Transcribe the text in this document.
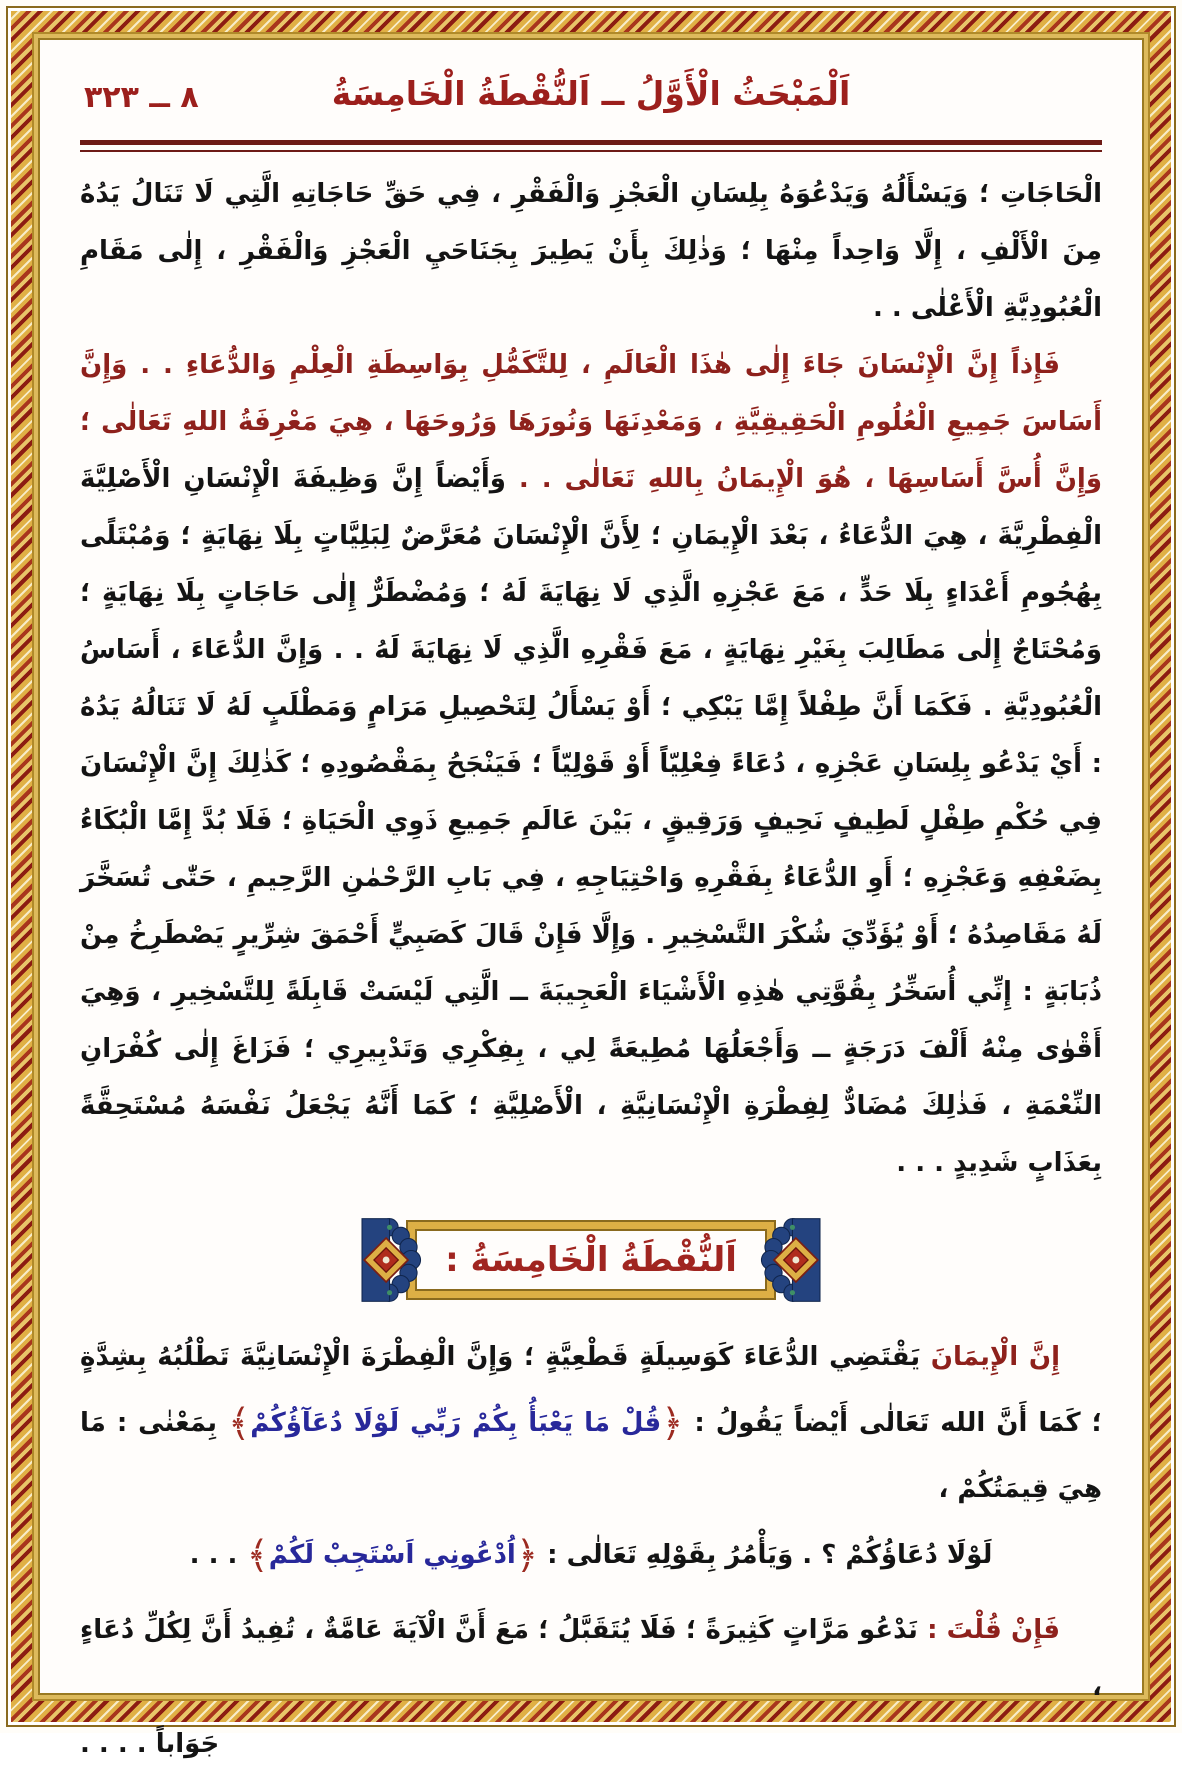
٨ ــ ٣٢٣	اَلْمَبْحَثُ الْأَوَّلُ ــ اَلنُّقْطَةُ الْخَامِسَةُ

الْحَاجَاتِ ؛ وَيَسْأَلُهُ وَيَدْعُوَهُ بِلِسَانِ الْعَجْزِ وَالْفَقْرِ ، فِي حَقِّ حَاجَاتِهِ الَّتِي لَا تَنَالُ يَدُهُ مِنَ الْأَلْفِ ، إِلَّا وَاحِداً مِنْهَا ؛ وَذٰلِكَ بِأَنْ يَطِيرَ بِجَنَاحَيِ الْعَجْزِ وَالْفَقْرِ ، إِلٰى مَقَامِ الْعُبُودِيَّةِ الْأَعْلٰى . .

فَإِذاً إِنَّ الْإِنْسَانَ جَاءَ إِلٰى هٰذَا الْعَالَمِ ، لِلتَّكَمُّلِ بِوَاسِطَةِ الْعِلْمِ وَالدُّعَاءِ . . وَإِنَّ أَسَاسَ جَمِيعِ الْعُلُومِ الْحَقِيقِيَّةِ ، وَمَعْدِنَهَا وَنُورَهَا وَرُوحَهَا ، هِيَ مَعْرِفَةُ اللهِ تَعَالٰى ؛ وَإِنَّ أُسَّ أَسَاسِهَا ، هُوَ الْإِيمَانُ بِاللهِ تَعَالٰى . . وَأَيْضاً إِنَّ وَظِيفَةَ الْإِنْسَانِ الْأَصْلِيَّةَ الْفِطْرِيَّةَ ، هِيَ الدُّعَاءُ ، بَعْدَ الْإِيمَانِ ؛ لِأَنَّ الْإِنْسَانَ مُعَرَّضٌ لِبَلِيَّاتٍ بِلَا نِهَايَةٍ ؛ وَمُبْتَلًى بِهُجُومِ أَعْدَاءٍ بِلَا حَدٍّ ، مَعَ عَجْزِهِ الَّذِي لَا نِهَايَةَ لَهُ ؛ وَمُضْطَرٌّ إِلٰى حَاجَاتٍ بِلَا نِهَايَةٍ ؛ وَمُحْتَاجٌ إِلٰى مَطَالِبَ بِغَيْرِ نِهَايَةٍ ، مَعَ فَقْرِهِ الَّذِي لَا نِهَايَةَ لَهُ . . وَإِنَّ الدُّعَاءَ ، أَسَاسُ الْعُبُودِيَّةِ . فَكَمَا أَنَّ طِفْلاً إِمَّا يَبْكِي ؛ أَوْ يَسْأَلُ لِتَحْصِيلِ مَرَامٍ وَمَطْلَبٍ لَهُ لَا تَنَالُهُ يَدُهُ : أَيْ يَدْعُو بِلِسَانِ عَجْزِهِ ، دُعَاءً فِعْلِيّاً أَوْ قَوْلِيّاً ؛ فَيَنْجَحُ بِمَقْصُودِهِ ؛ كَذٰلِكَ إِنَّ الْإِنْسَانَ فِي حُكْمِ طِفْلٍ لَطِيفٍ نَحِيفٍ وَرَقِيقٍ ، بَيْنَ عَالَمِ جَمِيعِ ذَوِي الْحَيَاةِ ؛ فَلَا بُدَّ إِمَّا الْبُكَاءُ بِضَعْفِهِ وَعَجْزِهِ ؛ أَوِ الدُّعَاءُ بِفَقْرِهِ وَاحْتِيَاجِهِ ، فِي بَابِ الرَّحْمٰنِ الرَّحِيمِ ، حَتّٰى تُسَخَّرَ لَهُ مَقَاصِدُهُ ؛ أَوْ يُؤَدِّيَ شُكْرَ التَّسْخِيرِ . وَإِلَّا فَإِنْ قَالَ كَصَبِيٍّ أَحْمَقَ شِرِّيرٍ يَصْطَرِخُ مِنْ ذُبَابَةٍ : إِنِّي أُسَخِّرُ بِقُوَّتِي هٰذِهِ الْأَشْيَاءَ الْعَجِيبَةَ ــ الَّتِي لَيْسَتْ قَابِلَةً لِلتَّسْخِيرِ ، وَهِيَ أَقْوٰى مِنْهُ أَلْفَ دَرَجَةٍ ــ وَأَجْعَلُهَا مُطِيعَةً لِي ، بِفِكْرِي وَتَدْبِيرِي ؛ فَزَاغَ إِلٰى كُفْرَانِ النِّعْمَةِ ، فَذٰلِكَ مُضَادٌّ لِفِطْرَةِ الْإِنْسَانِيَّةِ ، الْأَصْلِيَّةِ ؛ كَمَا أَنَّهُ يَجْعَلُ نَفْسَهُ مُسْتَحِقَّةً بِعَذَابٍ شَدِيدٍ . . .

اَلنُّقْطَةُ الْخَامِسَةُ :

إِنَّ الْإِيمَانَ يَقْتَضِي الدُّعَاءَ كَوَسِيلَةٍ قَطْعِيَّةٍ ؛ وَإِنَّ الْفِطْرَةَ الْإِنْسَانِيَّةَ تَطْلُبُهُ بِشِدَّةٍ ؛ كَمَا أَنَّ الله تَعَالٰى أَيْضاً يَقُولُ : ﴿قُلْ مَا يَعْبَأُ بِكُمْ رَبِّي لَوْلَا دُعَآؤُكُمْ﴾ بِمَعْنٰى : مَا هِيَ قِيمَتُكُمْ ،

لَوْلَا دُعَاؤُكُمْ ؟ . وَيَأْمُرُ بِقَوْلِهِ تَعَالٰى : ﴿اُدْعُونِي اَسْتَجِبْ لَكُمْ﴾ . . .

فَإِنْ قُلْتَ : نَدْعُو مَرَّاتٍ كَثِيرَةً ؛ فَلَا يُتَقَبَّلُ ؛ مَعَ أَنَّ الْآيَةَ عَامَّةٌ ، تُفِيدُ أَنَّ لِكُلِّ دُعَاءٍ ،

جَوَاباً . . . .
